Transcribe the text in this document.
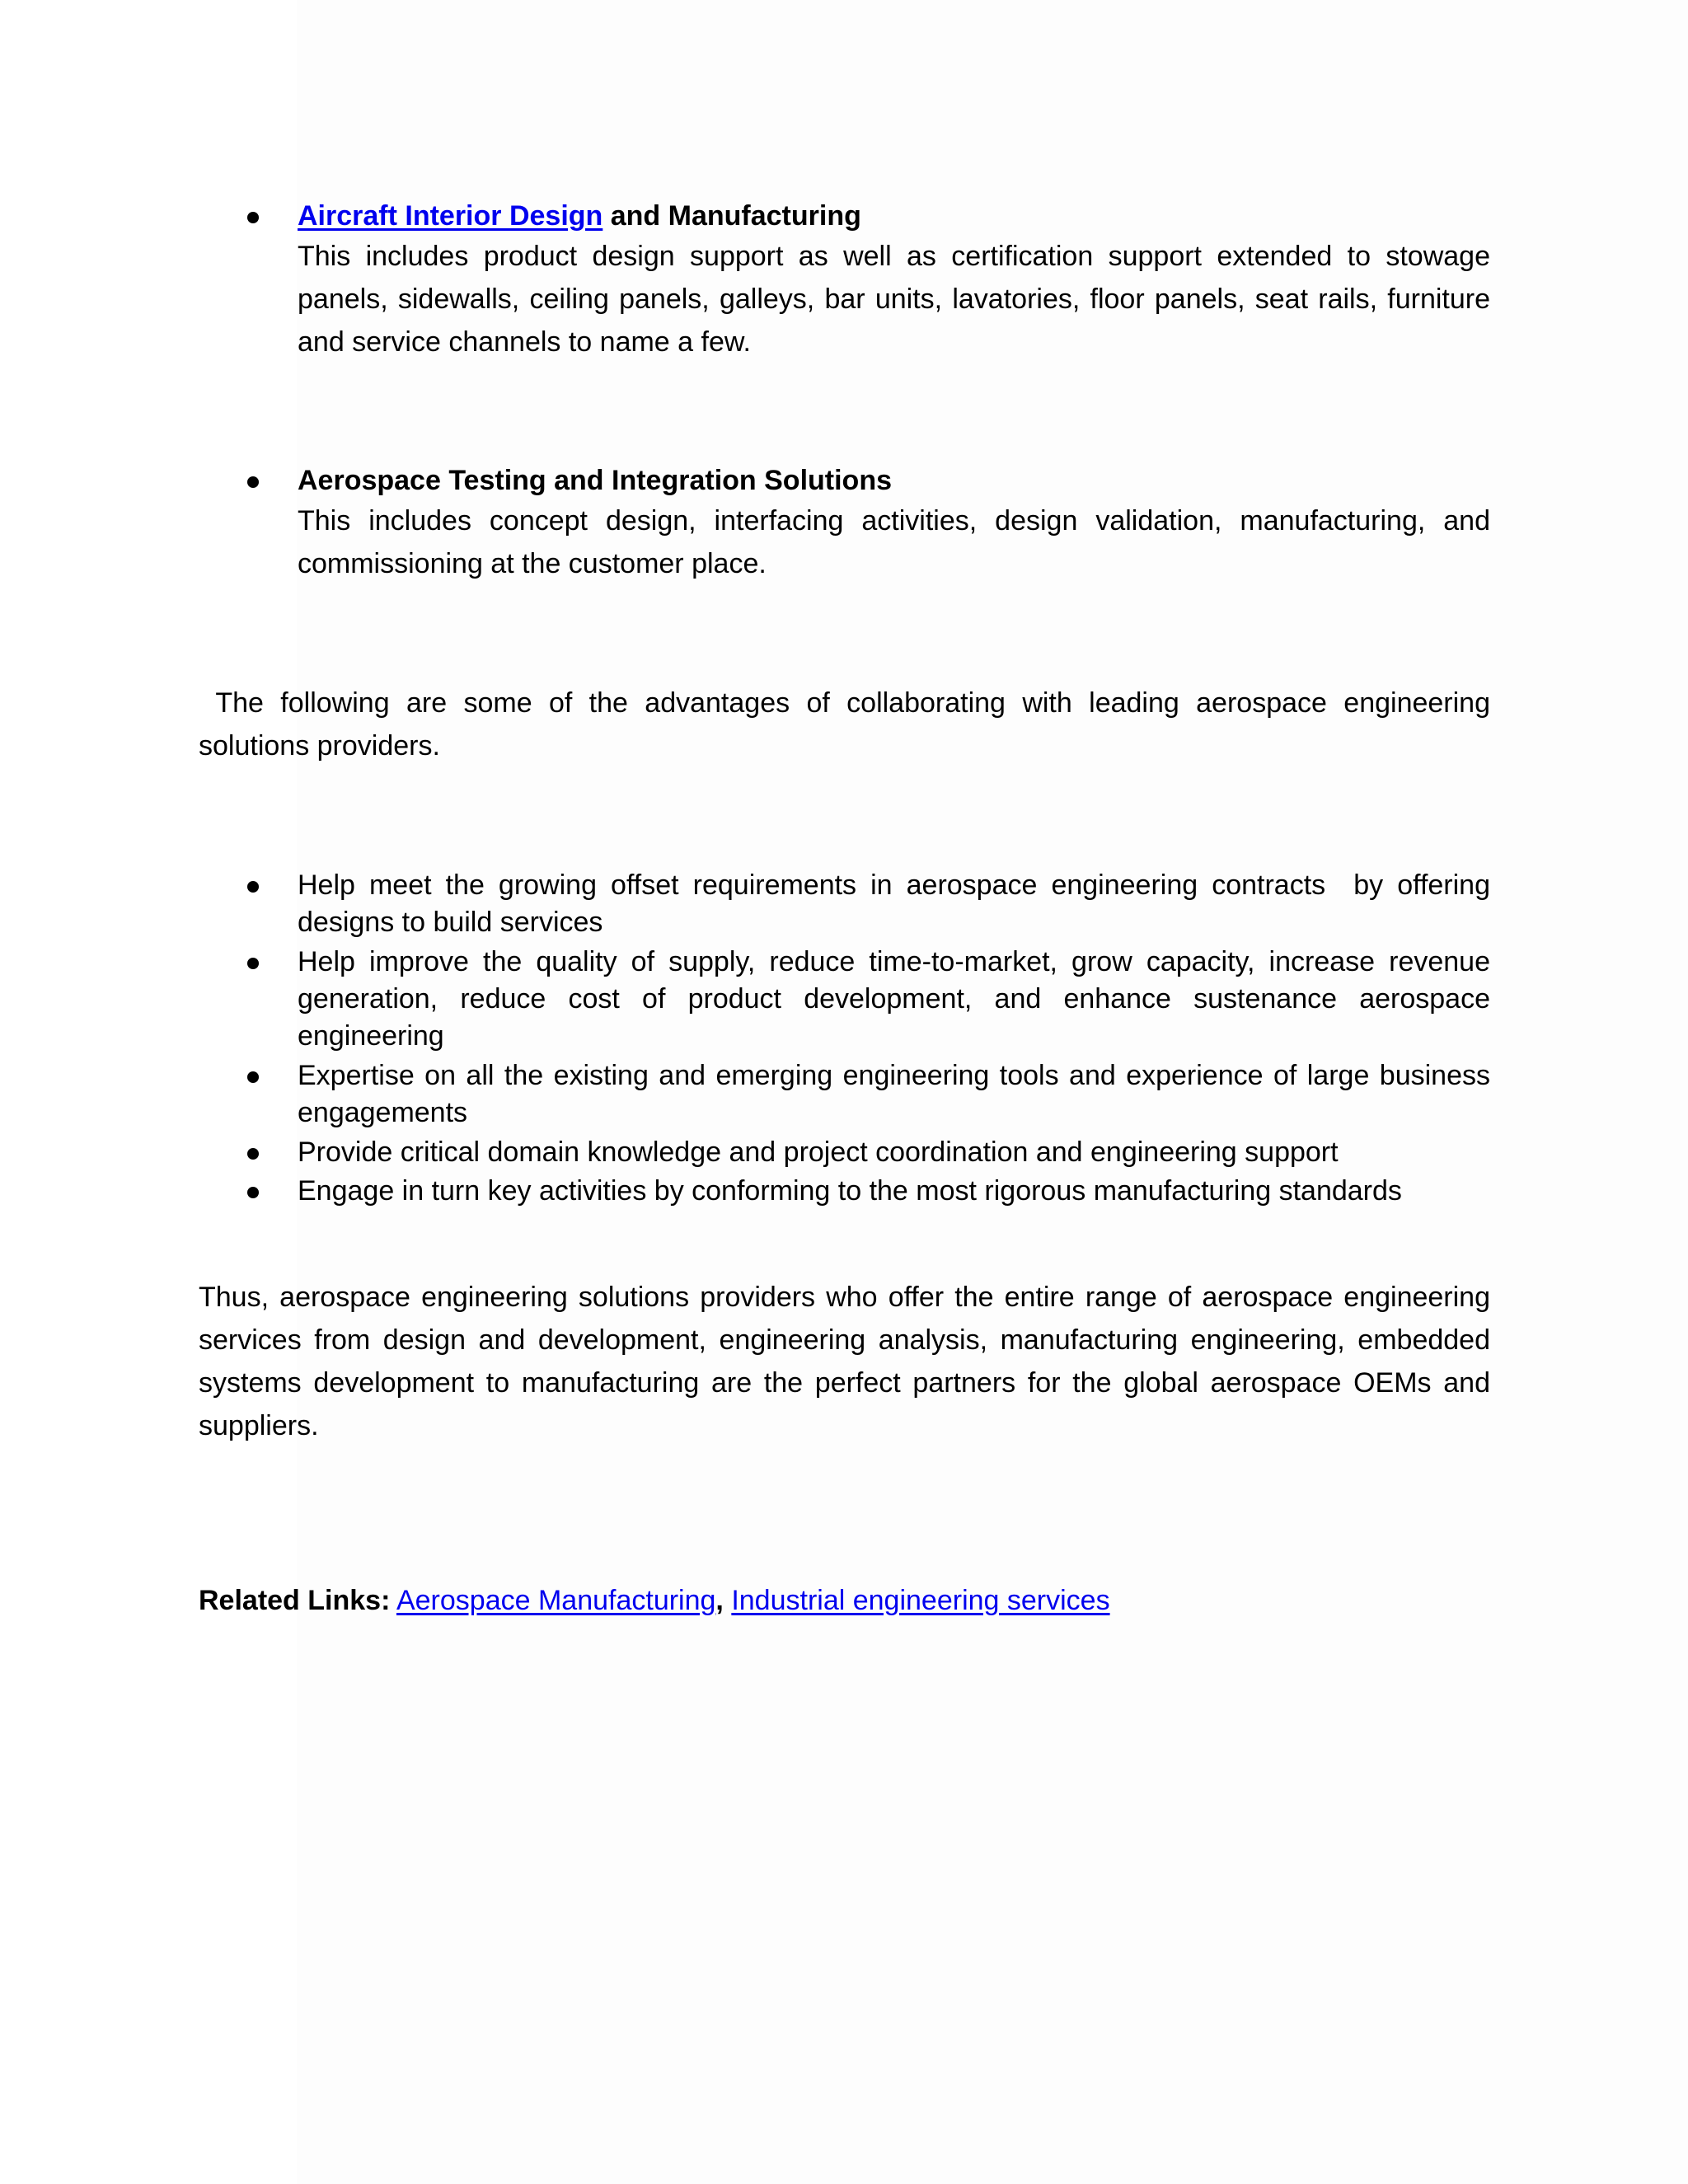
Aircraft Interior Design and Manufacturing
This includes product design support as well as certification support extended to stowage panels, sidewalls, ceiling panels, galleys, bar units, lavatories, floor panels, seat rails, furniture and service channels to name a few.
Aerospace Testing and Integration Solutions
This includes concept design, interfacing activities, design validation, manufacturing, and commissioning at the customer place.
The following are some of the advantages of collaborating with leading aerospace engineering solutions providers.
Help meet the growing offset requirements in aerospace engineering contracts  by offering designs to build services
Help improve the quality of supply, reduce time-to-market, grow capacity, increase revenue generation, reduce cost of product development, and enhance sustenance aerospace engineering
Expertise on all the existing and emerging engineering tools and experience of large business engagements
Provide critical domain knowledge and project coordination and engineering support
Engage in turn key activities by conforming to the most rigorous manufacturing standards
Thus, aerospace engineering solutions providers who offer the entire range of aerospace engineering services from design and development, engineering analysis, manufacturing engineering, embedded systems development to manufacturing are the perfect partners for the global aerospace OEMs and suppliers.
Related Links: Aerospace Manufacturing, Industrial engineering services
